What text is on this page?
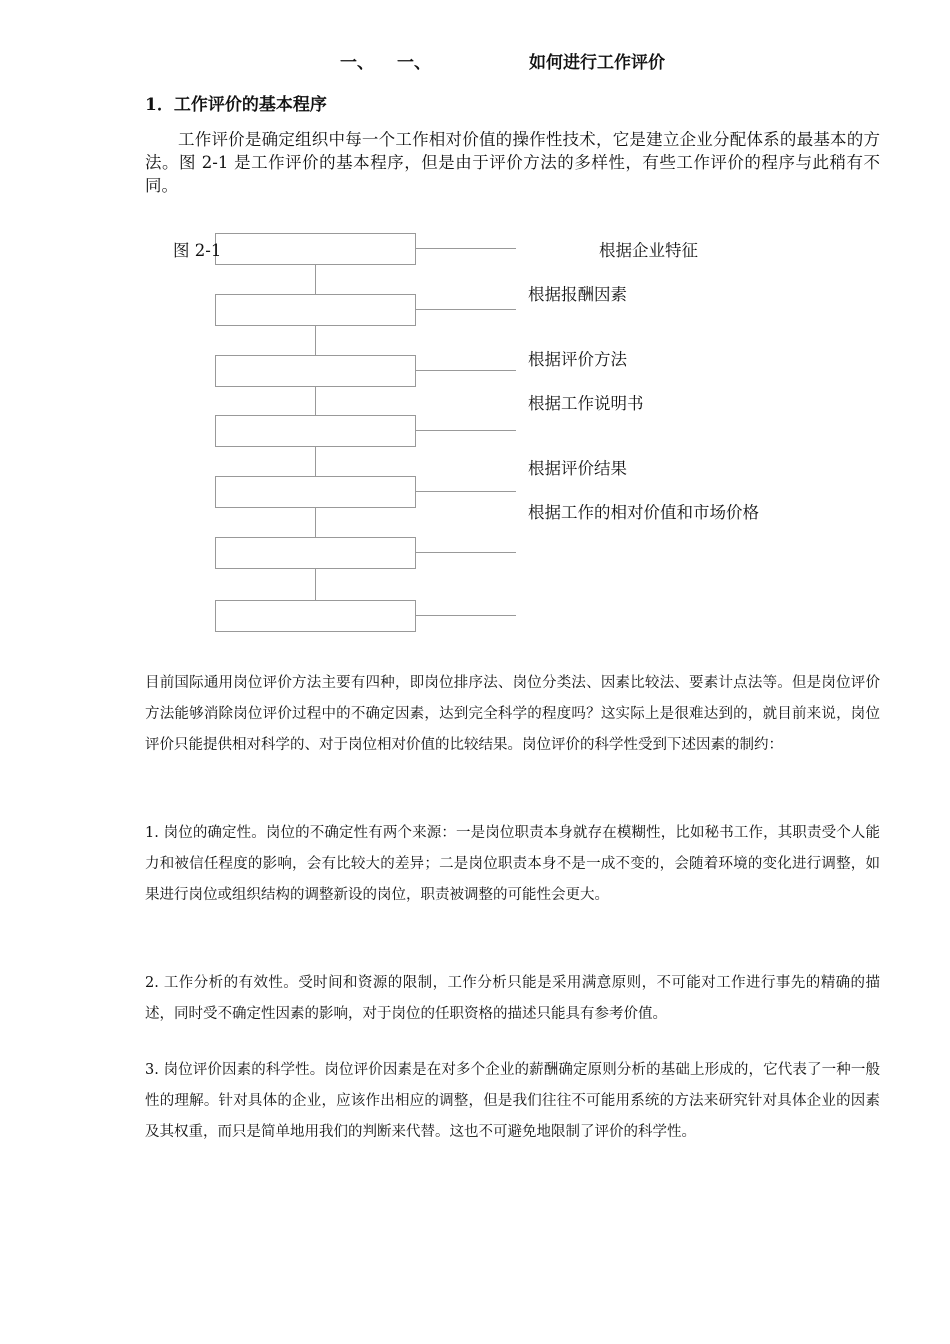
一、 一、	如何进行工作评价
1．工作评价的基本程序
工作评价是确定组织中每一个工作相对价值的操作性技术，它是建立企业分配体系的最基本的方法。图 2-1 是工作评价的基本程序，但是由于评价方法的多样性，有些工作评价的程序与此稍有不同。
图 2-1	根据企业特征
根据报酬因素
根据评价方法
根据工作说明书
根据评价结果
根据工作的相对价值和市场价格
目前国际通用岗位评价方法主要有四种，即岗位排序法、岗位分类法、因素比较法、要素计点法等。但是岗位评价方法能够消除岗位评价过程中的不确定因素，达到完全科学的程度吗？这实际上是很难达到的，就目前来说，岗位评价只能提供相对科学的、对于岗位相对价值的比较结果。岗位评价的科学性受到下述因素的制约：
1. 岗位的确定性。岗位的不确定性有两个来源：一是岗位职责本身就存在模糊性，比如秘书工作，其职责受个人能力和被信任程度的影响，会有比较大的差异；二是岗位职责本身不是一成不变的，会随着环境的变化进行调整，如果进行岗位或组织结构的调整新设的岗位，职责被调整的可能性会更大。
2. 工作分析的有效性。受时间和资源的限制，工作分析只能是采用满意原则，不可能对工作进行事先的精确的描述，同时受不确定性因素的影响，对于岗位的任职资格的描述只能具有参考价值。
3. 岗位评价因素的科学性。岗位评价因素是在对多个企业的薪酬确定原则分析的基础上形成的，它代表了一种一般性的理解。针对具体的企业，应该作出相应的调整，但是我们往往不可能用系统的方法来研究针对具体企业的因素及其权重，而只是简单地用我们的判断来代替。这也不可避免地限制了评价的科学性。
